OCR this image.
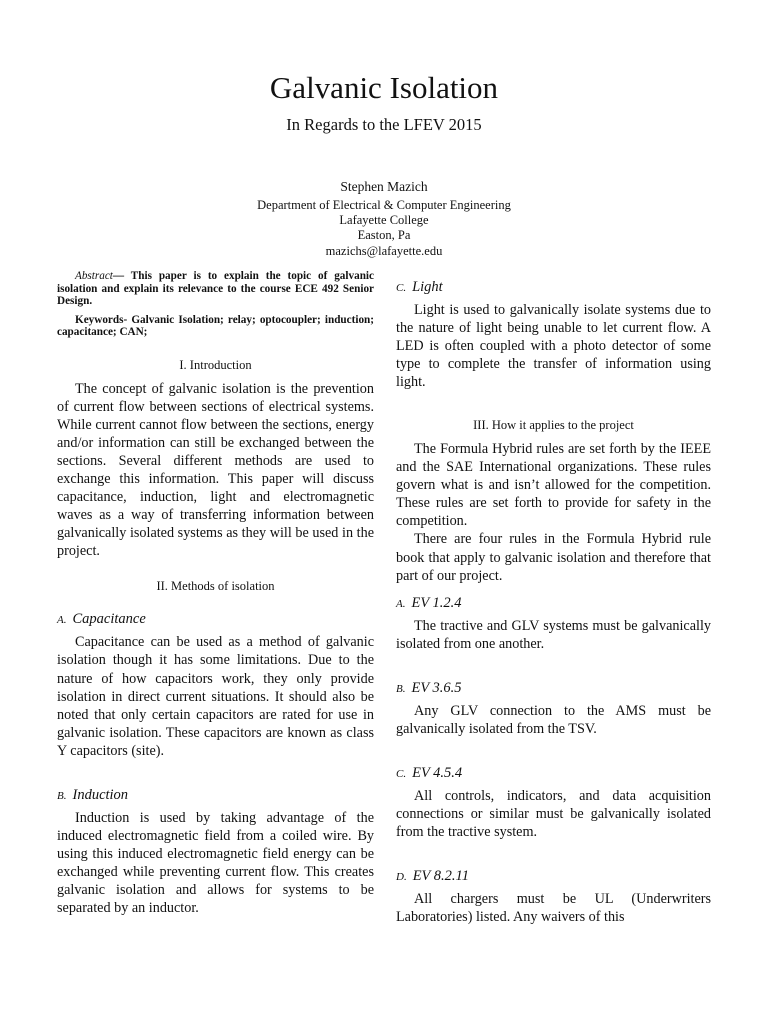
Galvanic Isolation
In Regards to the LFEV 2015
Stephen Mazich
Department of Electrical & Computer Engineering
Lafayette College
Easton, Pa
mazichs@lafayette.edu

Abstract— This paper is to explain the topic of galvanic isolation and explain its relevance to the course ECE 492 Senior Design.

Keywords- Galvanic Isolation; relay; optocoupler; induction; capacitance; CAN;

I. Introduction

The concept of galvanic isolation is the prevention of current flow between sections of electrical systems. While current cannot flow between the sections, energy and/or information can still be exchanged between the sections. Several different methods are used to exchange this information. This paper will discuss capacitance, induction, light and electromagnetic waves as a way of transferring information between galvanically isolated systems as they will be used in the project.

II. Methods of isolation
A. Capacitance

Capacitance can be used as a method of galvanic isolation though it has some limitations. Due to the nature of how capacitors work, they only provide isolation in direct current situations. It should also be noted that only certain capacitors are rated for use in galvanic isolation. These capacitors are known as class Y capacitors (site).

B. Induction

Induction is used by taking advantage of the induced electromagnetic field from a coiled wire. By using this induced electromagnetic field energy can be exchanged while preventing current flow. This creates galvanic isolation and allows for systems to be separated by an inductor.

C. Light

Light is used to galvanically isolate systems due to the nature of light being unable to let current flow. A LED is often coupled with a photo detector of some type to complete the transfer of information using light.

III. How it applies to the project

The Formula Hybrid rules are set forth by the IEEE and the SAE International organizations. These rules govern what is and isn’t allowed for the competition. These rules are set forth to provide for safety in the competition.

There are four rules in the Formula Hybrid rule book that apply to galvanic isolation and therefore that part of our project.

A. EV 1.2.4

The tractive and GLV systems must be galvanically isolated from one another.

B. EV 3.6.5

Any GLV connection to the AMS must be galvanically isolated from the TSV.

C. EV 4.5.4

All controls, indicators, and data acquisition connections or similar must be galvanically isolated from the tractive system.

D. EV 8.2.11

All chargers must be UL (Underwriters Laboratories) listed. Any waivers of this
